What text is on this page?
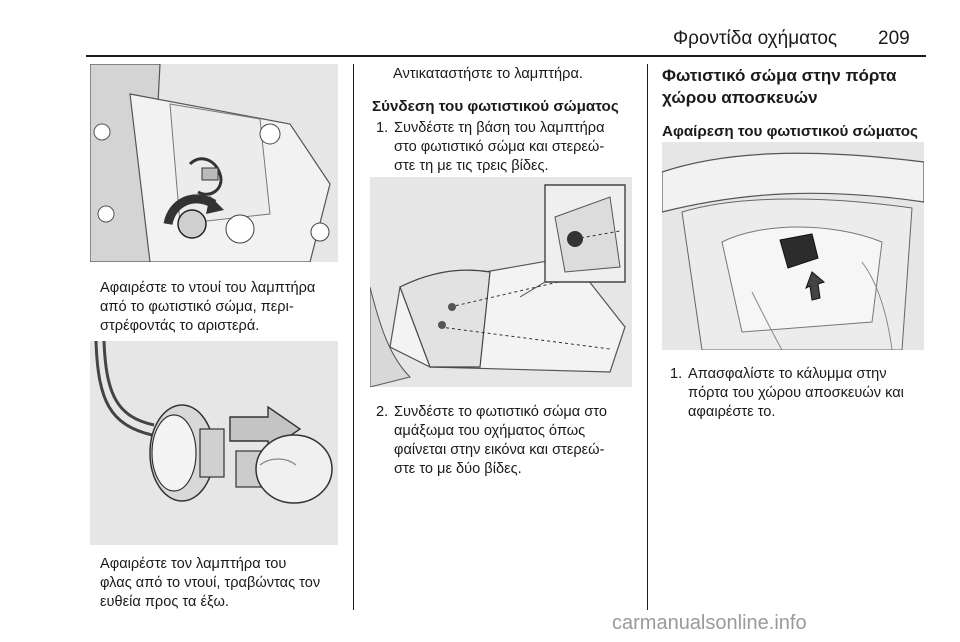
Φροντίδα οχήματος 209
Αφαιρέστε το ντουί του λαμπτήρα
από το φωτιστικό σώμα, περι-
στρέφοντάς το αριστερά.
Αφαιρέστε τον λαμπτήρα του
φλας από το ντουί, τραβώντας τον
ευθεία προς τα έξω.
Αντικαταστήστε το λαμπτήρα.
Σύνδεση του φωτιστικού σώματος
1. Συνδέστε τη βάση του λαμπτήρα
στο φωτιστικό σώμα και στερεώ-
στε τη με τις τρεις βίδες.
2. Συνδέστε το φωτιστικό σώμα στο
αμάξωμα του οχήματος όπως
φαίνεται στην εικόνα και στερεώ-
στε το με δύο βίδες.
Φωτιστικό σώμα στην πόρτα
χώρου αποσκευών
Αφαίρεση του φωτιστικού σώματος
1. Απασφαλίστε το κάλυμμα στην
πόρτα του χώρου αποσκευών και
αφαιρέστε το.
carmanualsonline.info
